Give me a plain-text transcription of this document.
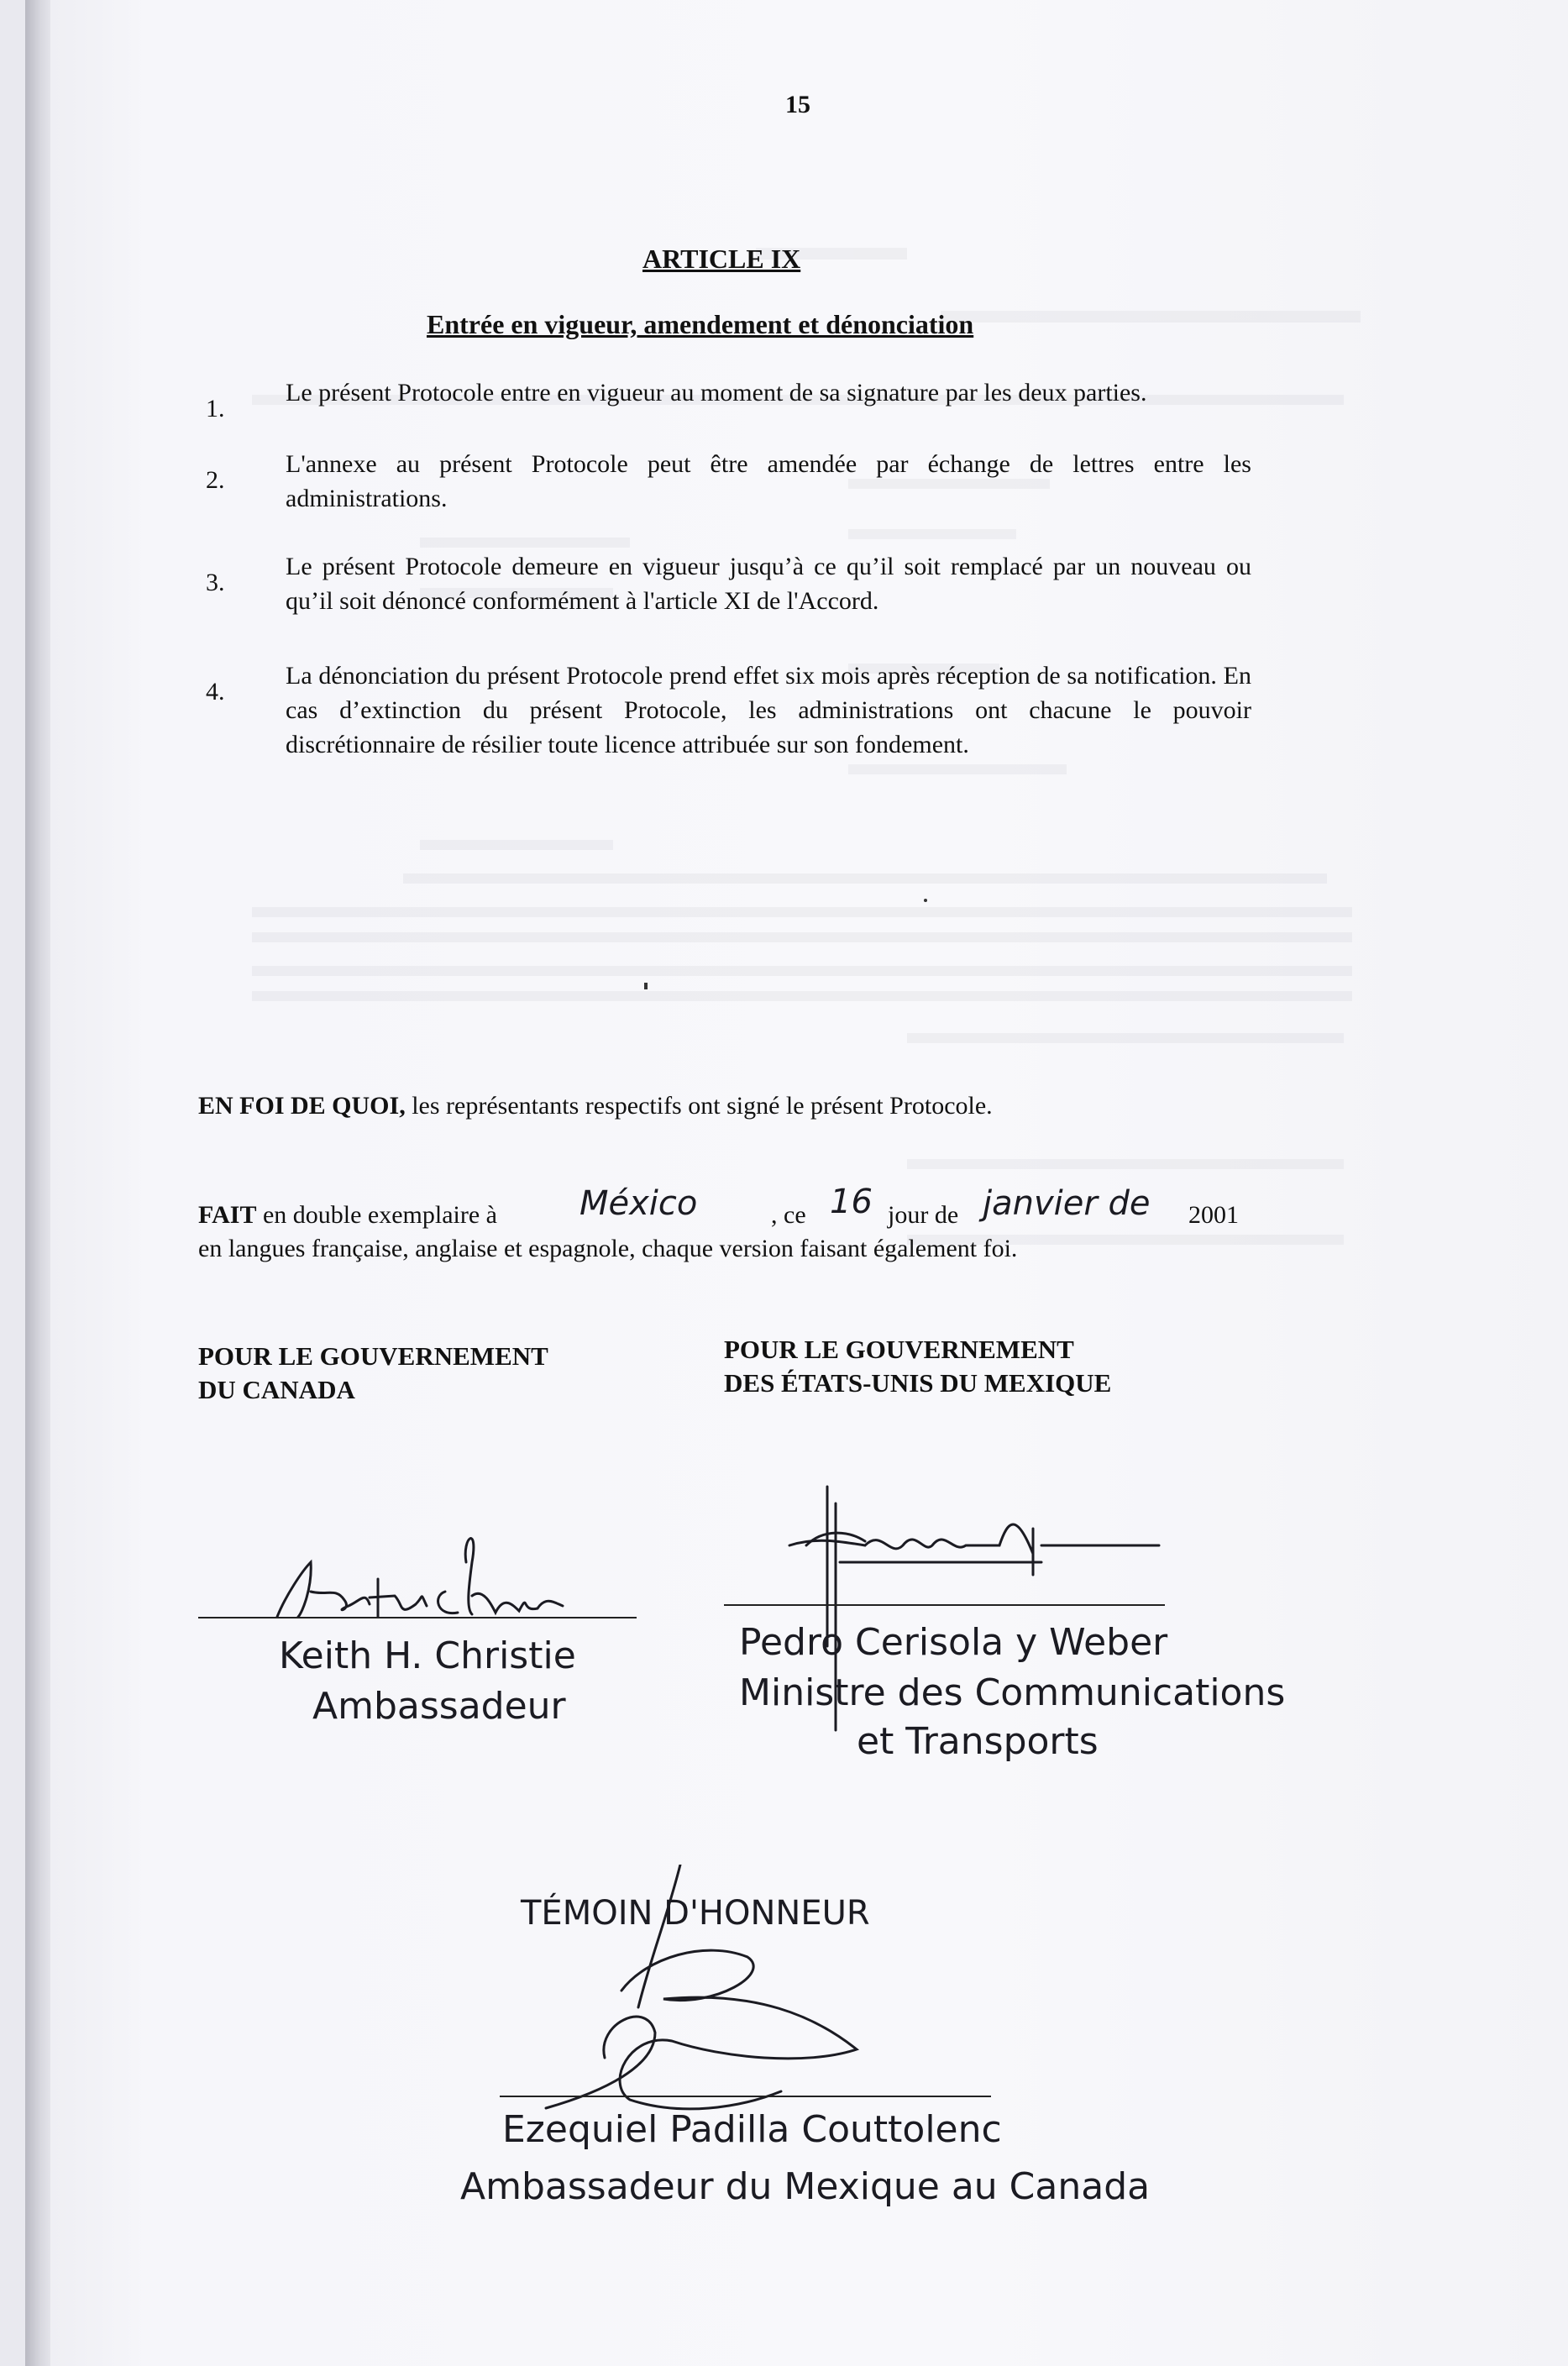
15
ARTICLE IX
Entrée en vigueur, amendement et dénonciation
1.

Le présent Protocole entre en vigueur au moment de sa signature par les deux parties.

2.

L'annexe au présent Protocole peut être amendée par échange de lettres entre les administrations.

3.

Le présent Protocole demeure en vigueur jusqu’à ce qu’il soit remplacé par un nouveau ou qu’il soit dénoncé conformément à l'article XI de l'Accord.

4.

La dénonciation du présent Protocole prend effet six mois après réception de sa notification. En cas d’extinction du présent Protocole, les administrations ont chacune le pouvoir discrétionnaire de résilier toute licence attribuée sur son fondement.

EN FOI DE QUOI, les représentants respectifs ont signé le présent Protocole.
FAIT en double exemplaire à México	, ce 16 jour de janvier de 2001
en langues française, anglaise et espagnole, chaque version faisant également foi.

POUR LE GOUVERNEMENT
DU CANADA

POUR LE GOUVERNEMENT
DES ÉTATS-UNIS DU MEXIQUE

Keith H. Christie
Ambassadeur
Pedro Cerisola y Weber
Ministre des Communications
et Transports
TÉMOIN D'HONNEUR
Ezequiel Padilla Couttolenc
Ambassadeur du Mexique au Canada
